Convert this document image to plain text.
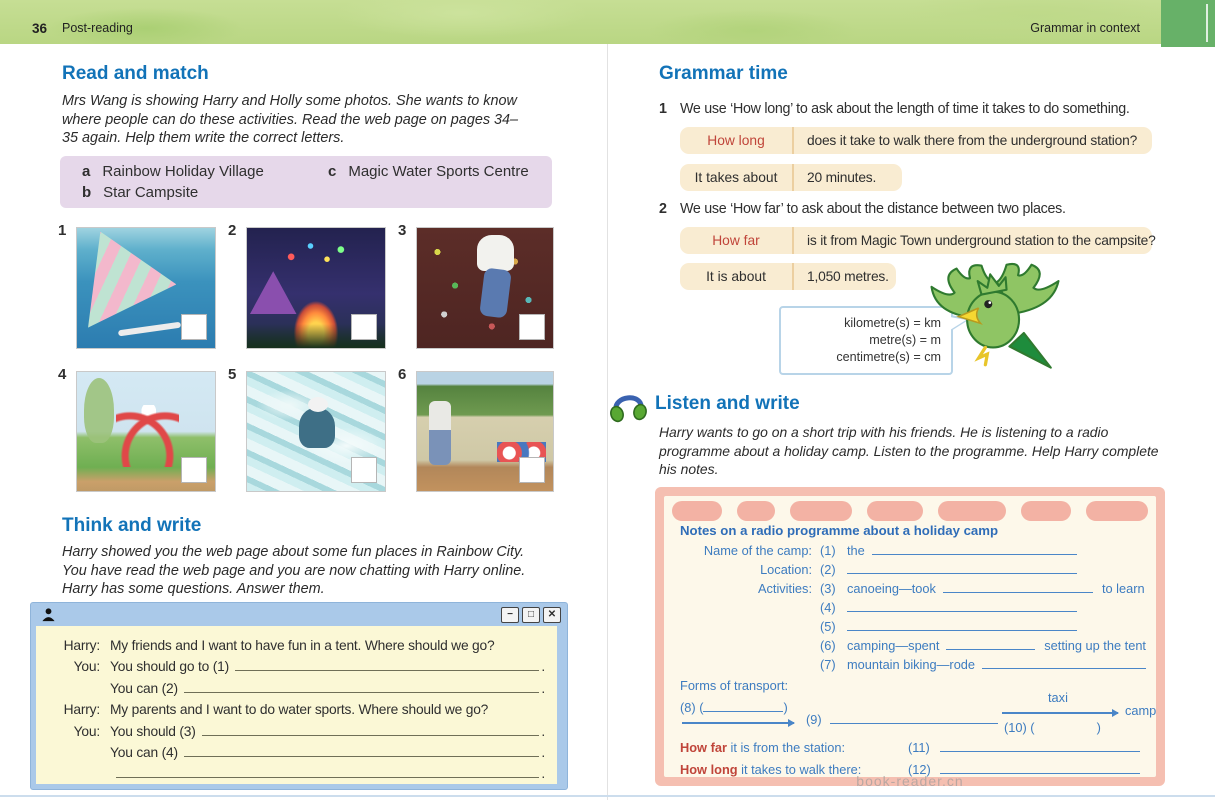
36 Post-reading	Grammar in context
Read and match
Mrs Wang is showing Harry and Holly some photos. She wants to know where people can do these activities. Read the web page on pages 34–35 again. Help them write the correct letters.
a Rainbow Holiday Village
b Star Campsite
c Magic Water Sports Centre
1	2	3
4	5	6
Think and write
Harry showed you the web page about some fun places in Rainbow City. You have read the web page and you are now chatting with Harry online. Harry has some questions. Answer them.
−	□	✕
Harry: My friends and I want to have fun in a tent. Where should we go?
You: You should go to (1)	.
You can (2)	.
Harry: My parents and I want to do water sports. Where should we go?
You: You should (3)	.
You can (4)	.
.
Grammar time
1 We use ‘How long’ to ask about the length of time it takes to do something.
How long	does it take to walk there from the underground station?
It takes about	20 minutes.
2 We use ‘How far’ to ask about the distance between two places.
How far	is it from Magic Town underground station to the campsite?
It is about	1,050 metres.
kilometre(s) = km
metre(s) = m
centimetre(s) = cm
Listen and write
Harry wants to go on a short trip with his friends. He is listening to a radio programme about a holiday camp. Listen to the programme. Help Harry complete his notes.
Notes on a radio programme about a holiday camp
Name of the camp: (1) the
Location: (2)
Activities: (3) canoeing—took	to learn
(4)
(5)
(6) camping—spent	setting up the tent
(7) mountain biking—rode
Forms of transport:
(8) (	)
(9)
taxi
camp
(10) (	)
How far it is from the station:	(11)
How long it takes to walk there:	(12)
book-reader.cn
